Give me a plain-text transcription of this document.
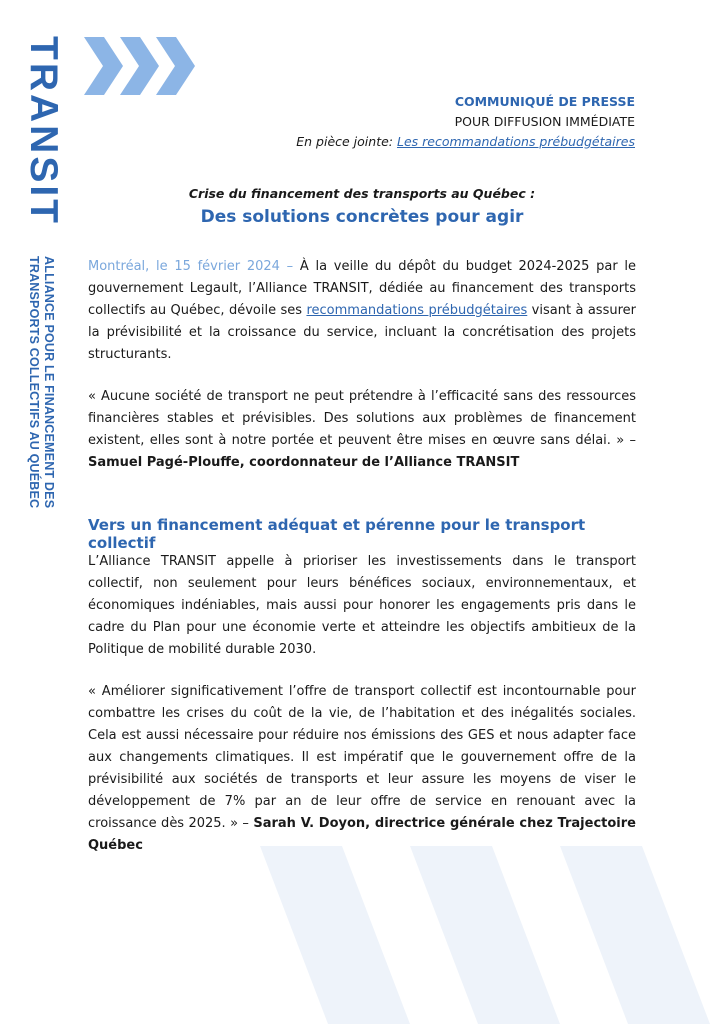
TRANSIT
ALLIANCE POUR LE FINANCEMENT DES
TRANSPORTS COLLECTIFS AU QUÉBEC
COMMUNIQUÉ DE PRESSE
POUR DIFFUSION IMMÉDIATE
En pièce jointe: Les recommandations prébudgétaires
Crise du financement des transports au Québec :
Des solutions concrètes pour agir
Montréal, le 15 février 2024 – À la veille du dépôt du budget 2024-2025 par le gouvernement Legault, l’Alliance TRANSIT, dédiée au financement des transports collectifs au Québec, dévoile ses recommandations prébudgétaires visant à assurer la prévisibilité et la croissance du service, incluant la concrétisation des projets structurants.
« Aucune société de transport ne peut prétendre à l’efficacité sans des ressources financières stables et prévisibles. Des solutions aux problèmes de financement existent, elles sont à notre portée et peuvent être mises en œuvre sans délai. » – Samuel Pagé-Plouffe, coordonnateur de l’Alliance TRANSIT
Vers un financement adéquat et pérenne pour le transport collectif
L’Alliance TRANSIT appelle à prioriser les investissements dans le transport collectif, non seulement pour leurs bénéfices sociaux, environnementaux, et économiques indéniables, mais aussi pour honorer les engagements pris dans le cadre du Plan pour une économie verte et atteindre les objectifs ambitieux de la Politique de mobilité durable 2030.
« Améliorer significativement l’offre de transport collectif est incontournable pour combattre les crises du coût de la vie, de l’habitation et des inégalités sociales. Cela est aussi nécessaire pour réduire nos émissions des GES et nous adapter face aux changements climatiques. Il est impératif que le gouvernement offre de la prévisibilité aux sociétés de transports et leur assure les moyens de viser le développement de 7% par an de leur offre de service en renouant avec la croissance dès 2025. » – Sarah V. Doyon, directrice générale chez Trajectoire Québec
